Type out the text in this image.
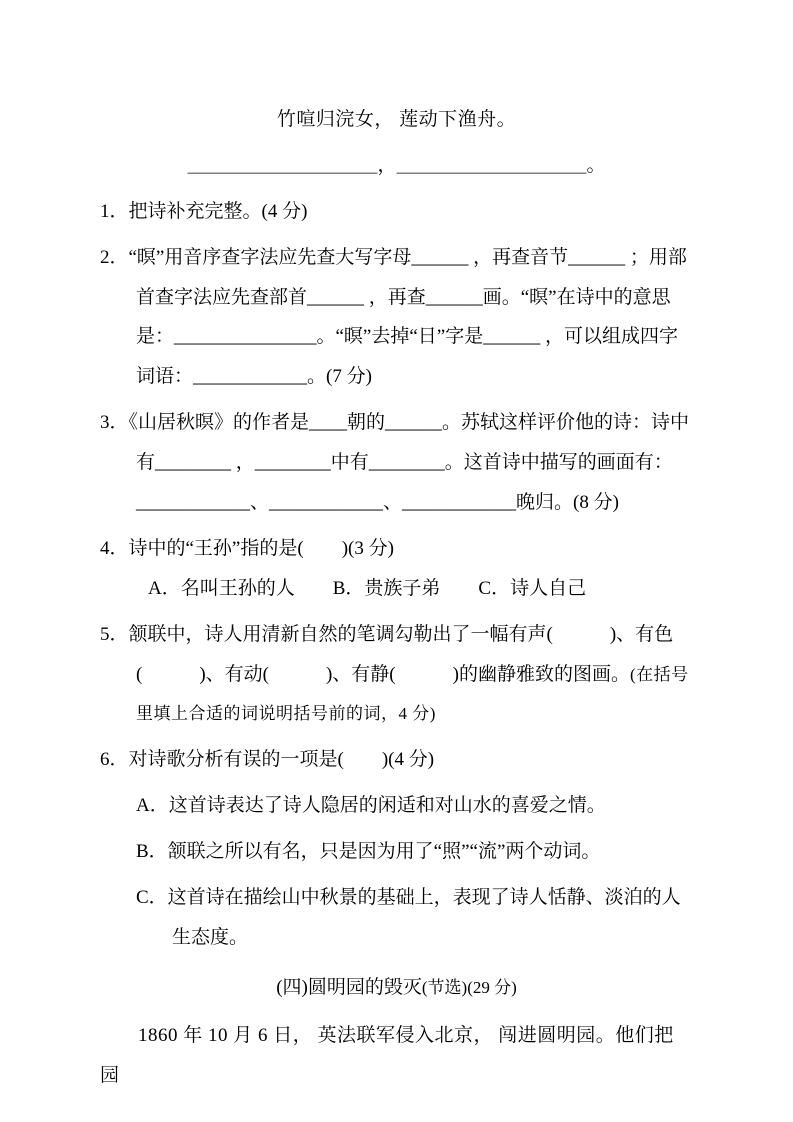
竹喧归浣女， 莲动下渔舟。

＿＿＿＿＿＿＿＿＿＿，＿＿＿＿＿＿＿＿＿＿。

1．把诗补充完整。(4 分)

2．“暝”用音序查字法应先查大写字母______ ，再查音节______ ；用部首查字法应先查部首______ ，再查______画。“暝”在诗中的意思是：_______________。“暝”去掉“日”字是______ ，可以组成四字词语：____________。(7 分)

3．《山居秋暝》的作者是____朝的______。苏轼这样评价他的诗：诗中有________ ，________中有________。这首诗中描写的画面有：____________、____________、____________晚归。(8 分)

4．诗中的“王孙”指的是(　　)(3 分)

A．名叫王孙的人　　B．贵族子弟　　C．诗人自己

5．颔联中，诗人用清新自然的笔调勾勒出了一幅有声(　　　)、有色(　　　)、有动(　　　)、有静(　　　)的幽静雅致的图画。(在括号里填上合适的词说明括号前的词，4 分)

6．对诗歌分析有误的一项是(　　)(4 分)

A．这首诗表达了诗人隐居的闲适和对山水的喜爱之情。

B．颔联之所以有名，只是因为用了“照”“流”两个动词。

C．这首诗在描绘山中秋景的基础上，表现了诗人恬静、淡泊的人生态度。

(四)圆明园的毁灭(节选)(29 分)

1860 年 10 月 6 日， 英法联军侵入北京， 闯进圆明园。他们把园
